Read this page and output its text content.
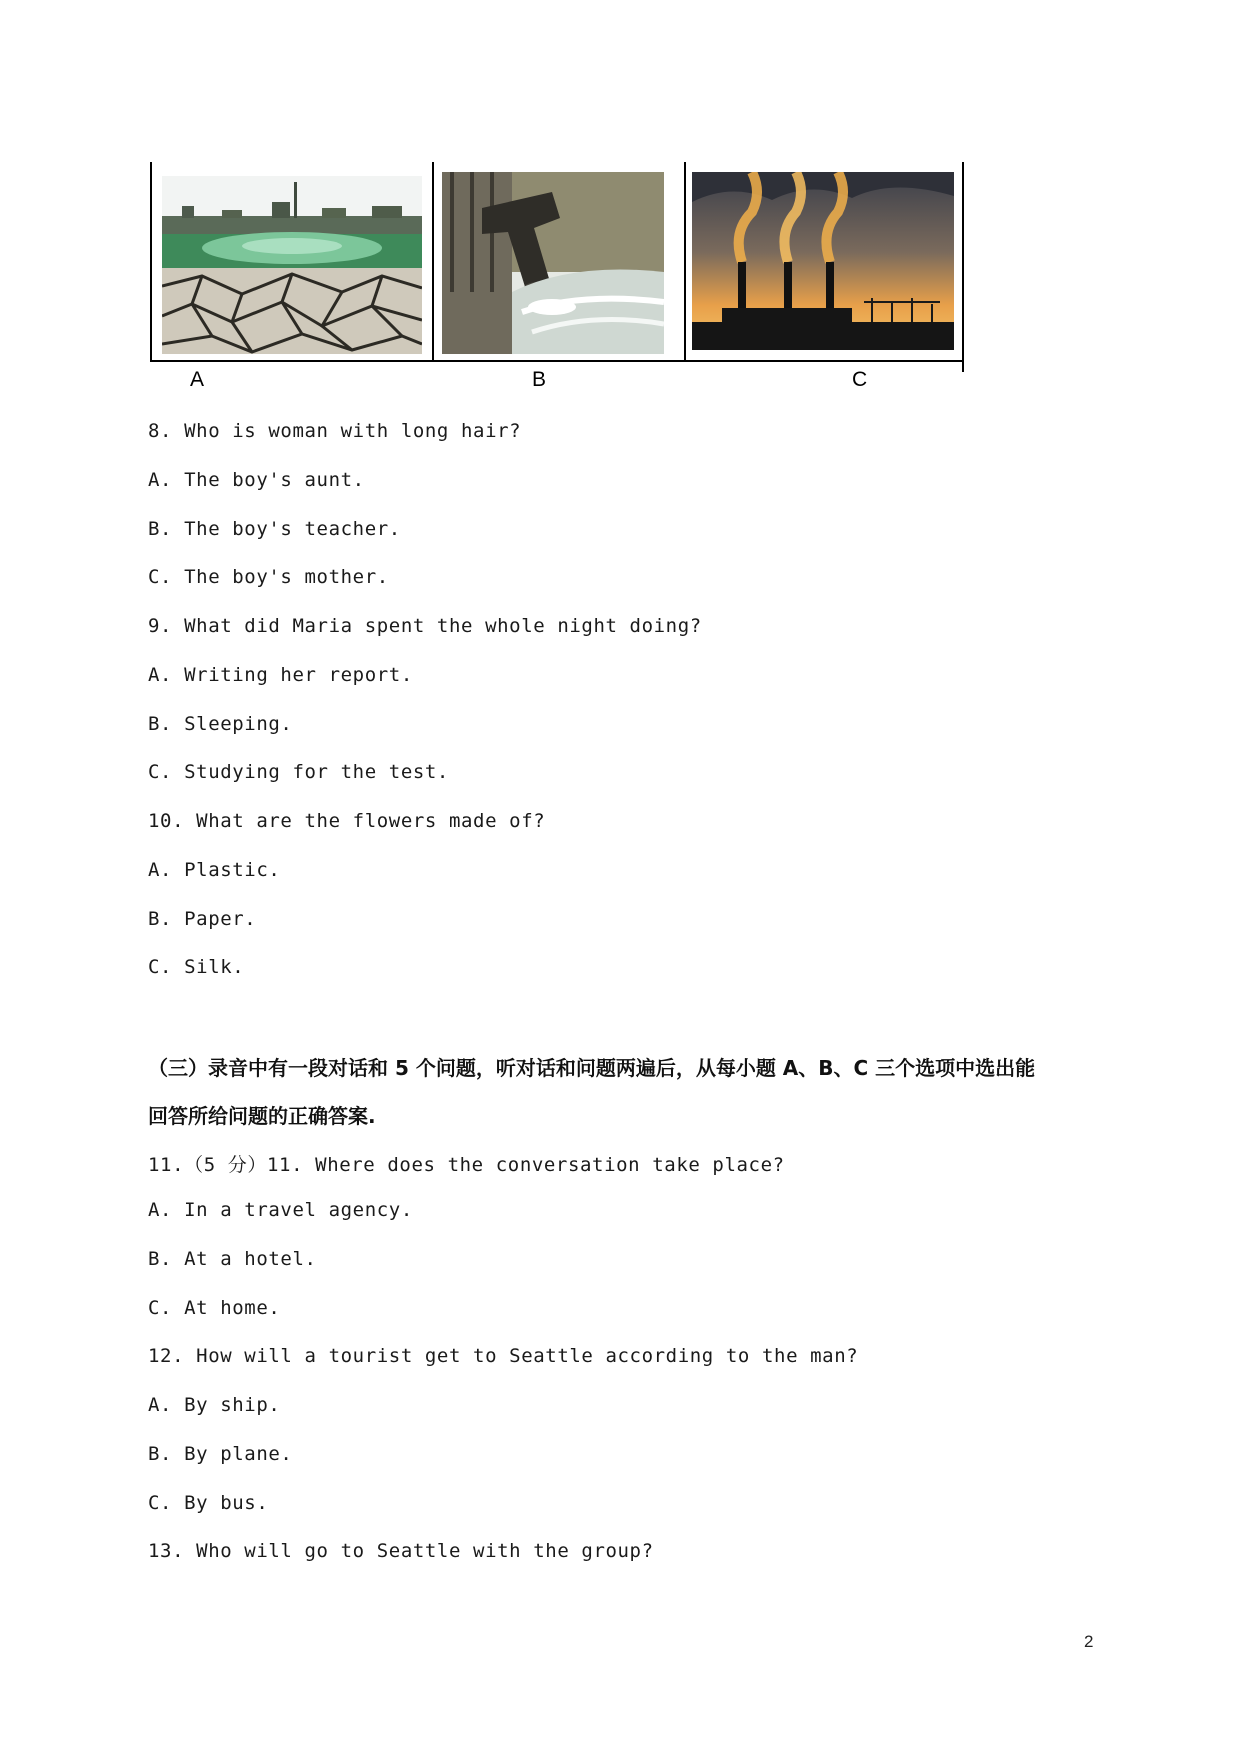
A	B	C
8. Who is woman with long hair?
A. The boy's aunt.
B. The boy's teacher.
C. The boy's mother.
9. What did Maria spent the whole night doing?
A. Writing her report.
B. Sleeping.
C. Studying for the test.
10. What are the flowers made of?
A. Plastic.
B. Paper.
C. Silk.
（三）录音中有一段对话和 5 个问题，听对话和问题两遍后，从每小题 A、B、C 三个选项中选出能
回答所给问题的正确答案.
11.（5 分）11. Where does the conversation take place?
A. In a travel agency.
B. At a hotel.
C. At home.
12. How will a tourist get to Seattle according to the man?
A. By ship.
B. By plane.
C. By bus.
13. Who will go to Seattle with the group?
2
